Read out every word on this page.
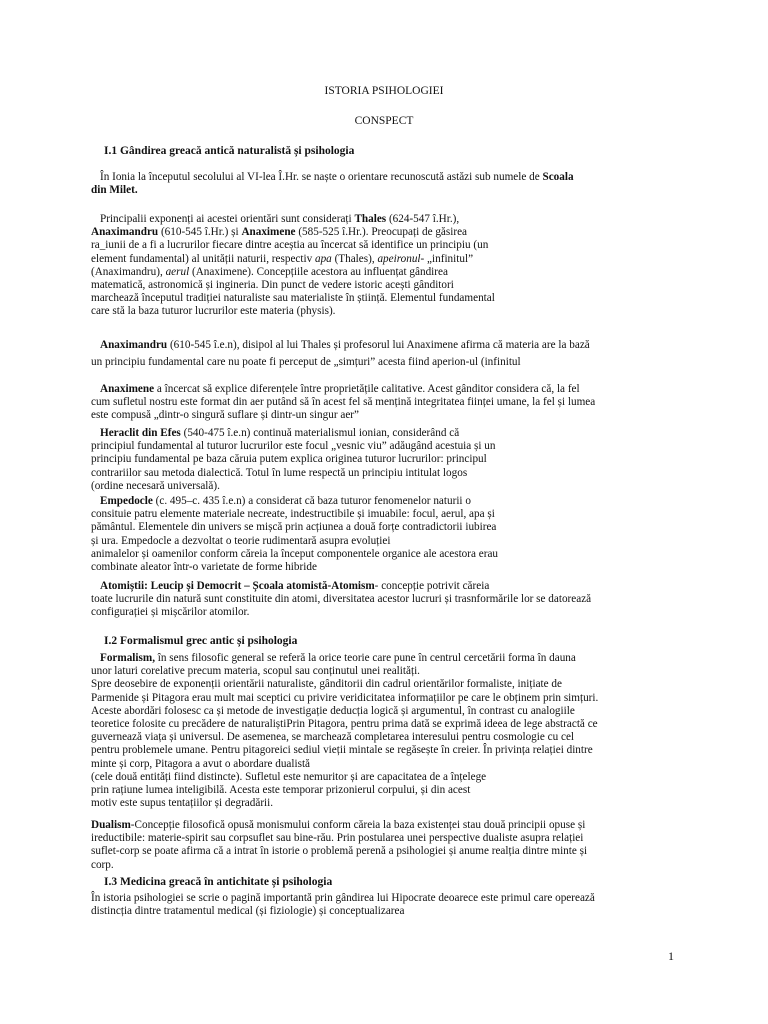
ISTORIA PSIHOLOGIEI
CONSPECT
I.1 Gândirea greacă antică naturalistă și psihologia

În Ionia la începutul secolului al VI-lea Î.Hr. se naște o orientare recunoscută astăzi sub numele de Scoala

din Milet.

Principalii exponenți ai acestei orientări sunt considerați Thales (624-547 î.Hr.),

Anaximandru (610-545 î.Hr.) și Anaximene (585-525 î.Hr.). Preocupați de găsirea

ra_iunii de a fi a lucrurilor fiecare dintre aceștia au încercat să identifice un principiu (un

element fundamental) al unității naturii, respectiv apa (Thales), apeironul- „infinitul”

(Anaximandru), aerul (Anaximene). Concepțiile acestora au influențat gândirea

matematică, astronomică și ingineria. Din punct de vedere istoric acești gânditori

marchează începutul tradiției naturaliste sau materialiste în știință. Elementul fundamental

care stă la baza tuturor lucrurilor este materia (physis).

Anaximandru (610-545 î.e.n), disipol al lui Thales și profesorul lui Anaximene afirma că materia are la bază

un principiu fundamental care nu poate fi perceput de „simțuri” acesta fiind aperion-ul (infinitul

Anaximene a încercat să explice diferențele între proprietățile calitative. Acest gânditor considera că, la fel

cum sufletul nostru este format din aer putând să în acest fel să mențină integritatea ființei umane, la fel și lumea

este compusă „dintr-o singură suflare și dintr-un singur aer”

Heraclit din Efes (540-475 î.e.n) continuă materialismul ionian, considerând că

principiul fundamental al tuturor lucrurilor este focul „vesnic viu” adăugând acestuia și un

principiu fundamental pe baza căruia putem explica originea tuturor lucrurilor: principul

contrariilor sau metoda dialectică. Totul în lume respectă un principiu intitulat logos

(ordine necesară universală).

Empedocle (c. 495–c. 435 î.e.n) a considerat că baza tuturor fenomenelor naturii o

consituie patru elemente materiale necreate, indestructibile și imuabile: focul, aerul, apa și

pământul. Elementele din univers se mișcă prin acțiunea a două forțe contradictorii iubirea

și ura. Empedocle a dezvoltat o teorie rudimentară asupra evoluției

animalelor și oamenilor conform căreia la început componentele organice ale acestora erau

combinate aleator într-o varietate de forme hibride

Atomiștii: Leucip și Democrit – Școala atomistă-Atomism- concepție potrivit căreia

toate lucrurile din natură sunt constituite din atomi, diversitatea acestor lucruri și trasnformările lor se datorează

configurației și mișcărilor atomilor.

I.2 Formalismul grec antic și psihologia

Formalism, în sens filosofic general se referă la orice teorie care pune în centrul cercetării forma în dauna

unor laturi corelative precum materia, scopul sau conținutul unei realități.

Spre deosebire de exponenții orientării naturaliste, gânditorii din cadrul orientărilor formaliste, inițiate de

Parmenide și Pitagora erau mult mai sceptici cu privire veridicitatea informațiilor pe care le obținem prin simțuri.

Aceste abordări folosesc ca și metode de investigație deducția logică și argumentul, în contrast cu analogiile

teoretice folosite cu precădere de naturaliștiPrin Pitagora, pentru prima dată se exprimă ideea de lege abstractă ce

guvernează viața și universul. De asemenea, se marchează completarea interesului pentru cosmologie cu cel

pentru problemele umane. Pentru pitagoreici sediul vieții mintale se regăsește în creier. În privința relației dintre

minte și corp, Pitagora a avut o abordare dualistă

(cele două entități fiind distincte). Sufletul este nemuritor și are capacitatea de a înțelege

prin rațiune lumea inteligibilă. Acesta este temporar prizonierul corpului, și din acest

motiv este supus tentațiilor și degradării.

Dualism-Concepție filosofică opusă monismului conform căreia la baza existenței stau două principii opuse și

ireductibile: materie-spirit sau corpsuflet sau bine-rău. Prin postularea unei perspective dualiste asupra relației

suflet-corp se poate afirma că a intrat în istorie o problemă perenă a psihologiei și anume realția dintre minte și

corp.

I.3 Medicina greacă în antichitate și psihologia

În istoria psihologiei se scrie o pagină importantă prin gândirea lui Hipocrate deoarece este primul care operează

distincția dintre tratamentul medical (și fiziologie) și conceptualizarea

1
